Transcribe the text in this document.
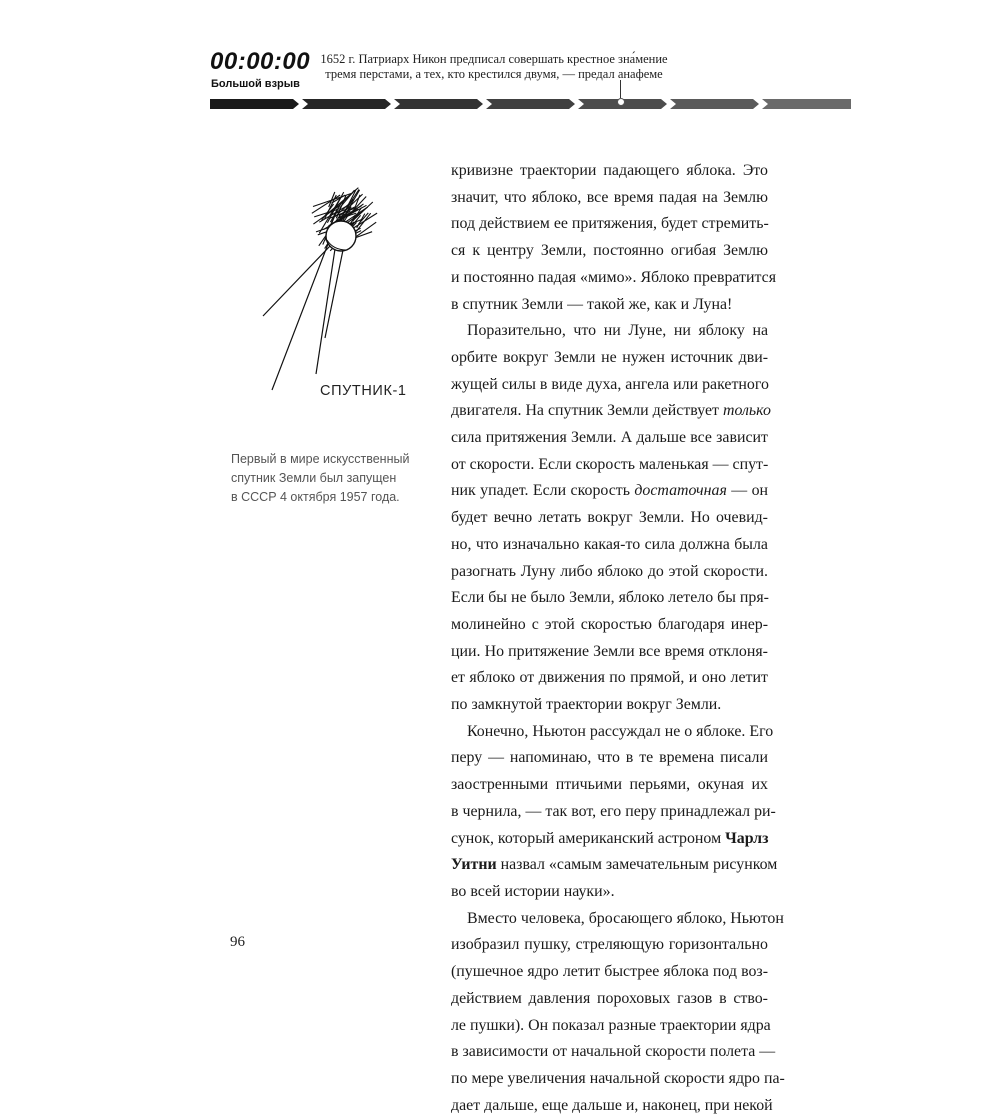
00:00:00
Большой взрыв
1652 г. Патриарх Никон предписал совершать крестное зна́мение
тремя перстами, а тех, кто крестился двумя, — предал анафеме
СПУТНИК-1
Первый в мире искусственный
спутник Земли был запущен
в СССР 4 октября 1957 года.

кривизне траектории падающего яблока. Это
значит, что яблоко, все время падая на Землю
под действием ее притяжения, будет стремить-
ся к центру Земли, постоянно огибая Землю
и постоянно падая «мимо». Яблоко превратится
в спутник Земли — такой же, как и Луна!

Поразительно, что ни Луне, ни яблоку на
орбите вокруг Земли не нужен источник дви-
жущей силы в виде духа, ангела или ракетного
двигателя. На спутник Земли действует только
сила притяжения Земли. А дальше все зависит
от скорости. Если скорость маленькая — спут-
ник упадет. Если скорость достаточная — он
будет вечно летать вокруг Земли. Но очевид-
но, что изначально какая-то сила должна была
разогнать Луну либо яблоко до этой скорости.
Если бы не было Земли, яблоко летело бы пря-
молинейно с этой скоростью благодаря инер-
ции. Но притяжение Земли все время отклоня-
ет яблоко от движения по прямой, и оно летит
по замкнутой траектории вокруг Земли.

Конечно, Ньютон рассуждал не о яблоке. Его
перу — напоминаю, что в те времена писали
заостренными птичьими перьями, окуная их
в чернила, — так вот, его перу принадлежал ри-
сунок, который американский астроном Чарлз
Уитни назвал «самым замечательным рисунком
во всей истории науки».

Вместо человека, бросающего яблоко, Ньютон
изобразил пушку, стреляющую горизонтально
(пушечное ядро летит быстрее яблока под воз-
действием давления пороховых газов в ство-
ле пушки). Он показал разные траектории ядра
в зависимости от начальной скорости полета —
по мере увеличения начальной скорости ядро па-
дает дальше, еще дальше и, наконец, при некой

96
